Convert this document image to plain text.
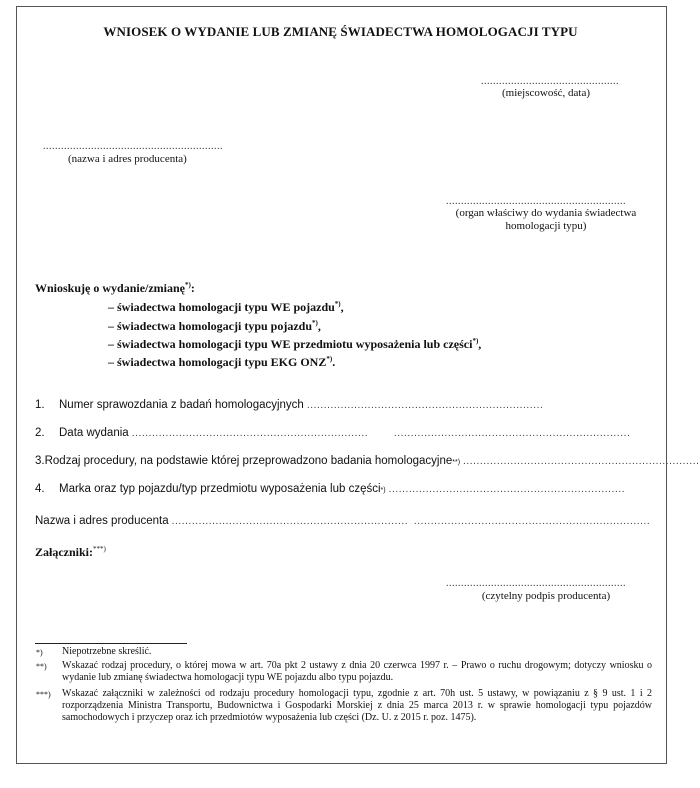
WNIOSEK O WYDANIE LUB ZMIANĘ ŚWIADECTWA HOMOLOGACJI TYPU
..............................................
(miejscowość, data)
............................................................
(nazwa i adres producenta)
............................................................
(organ właściwy do wydania świadectwa
homologacji typu)
Wnioskuję o wydanie/zmianę*):
– świadectwa homologacji typu WE pojazdu*),
– świadectwa homologacji typu pojazdu*),
– świadectwa homologacji typu WE przedmiotu wyposażenia lub części*),
– świadectwa homologacji typu EKG ONZ*).
1.	Numer sprawozdania z badań homologacyjnych ......................................................................
2.	Data wydania ......................................................................	......................................................................
3. Rodzaj procedury, na podstawie której przeprowadzono badania homologacyjne **) ......................................................................
4.	Marka oraz typ pojazdu/typ przedmiotu wyposażenia lub części *) ......................................................................
Nazwa i adres producenta ...................................................................... ......................................................................
Załączniki:***)
............................................................
(czytelny podpis producenta)
*) Niepotrzebne skreślić.
**) Wskazać rodzaj procedury, o której mowa w art. 70a pkt 2 ustawy z dnia 20 czerwca 1997 r. – Prawo o ruchu drogowym; dotyczy wniosku o wydanie lub zmianę świadectwa homologacji typu WE pojazdu albo typu pojazdu.
***) Wskazać załączniki w zależności od rodzaju procedury homologacji typu, zgodnie z art. 70h ust. 5 ustawy, w powiązaniu z § 9 ust. 1 i 2 rozporządzenia Ministra Transportu, Budownictwa i Gospodarki Morskiej z dnia 25 marca 2013 r. w sprawie homologacji typu pojazdów samochodowych i przyczep oraz ich przedmiotów wyposażenia lub części (Dz. U. z 2015 r. poz. 1475).
